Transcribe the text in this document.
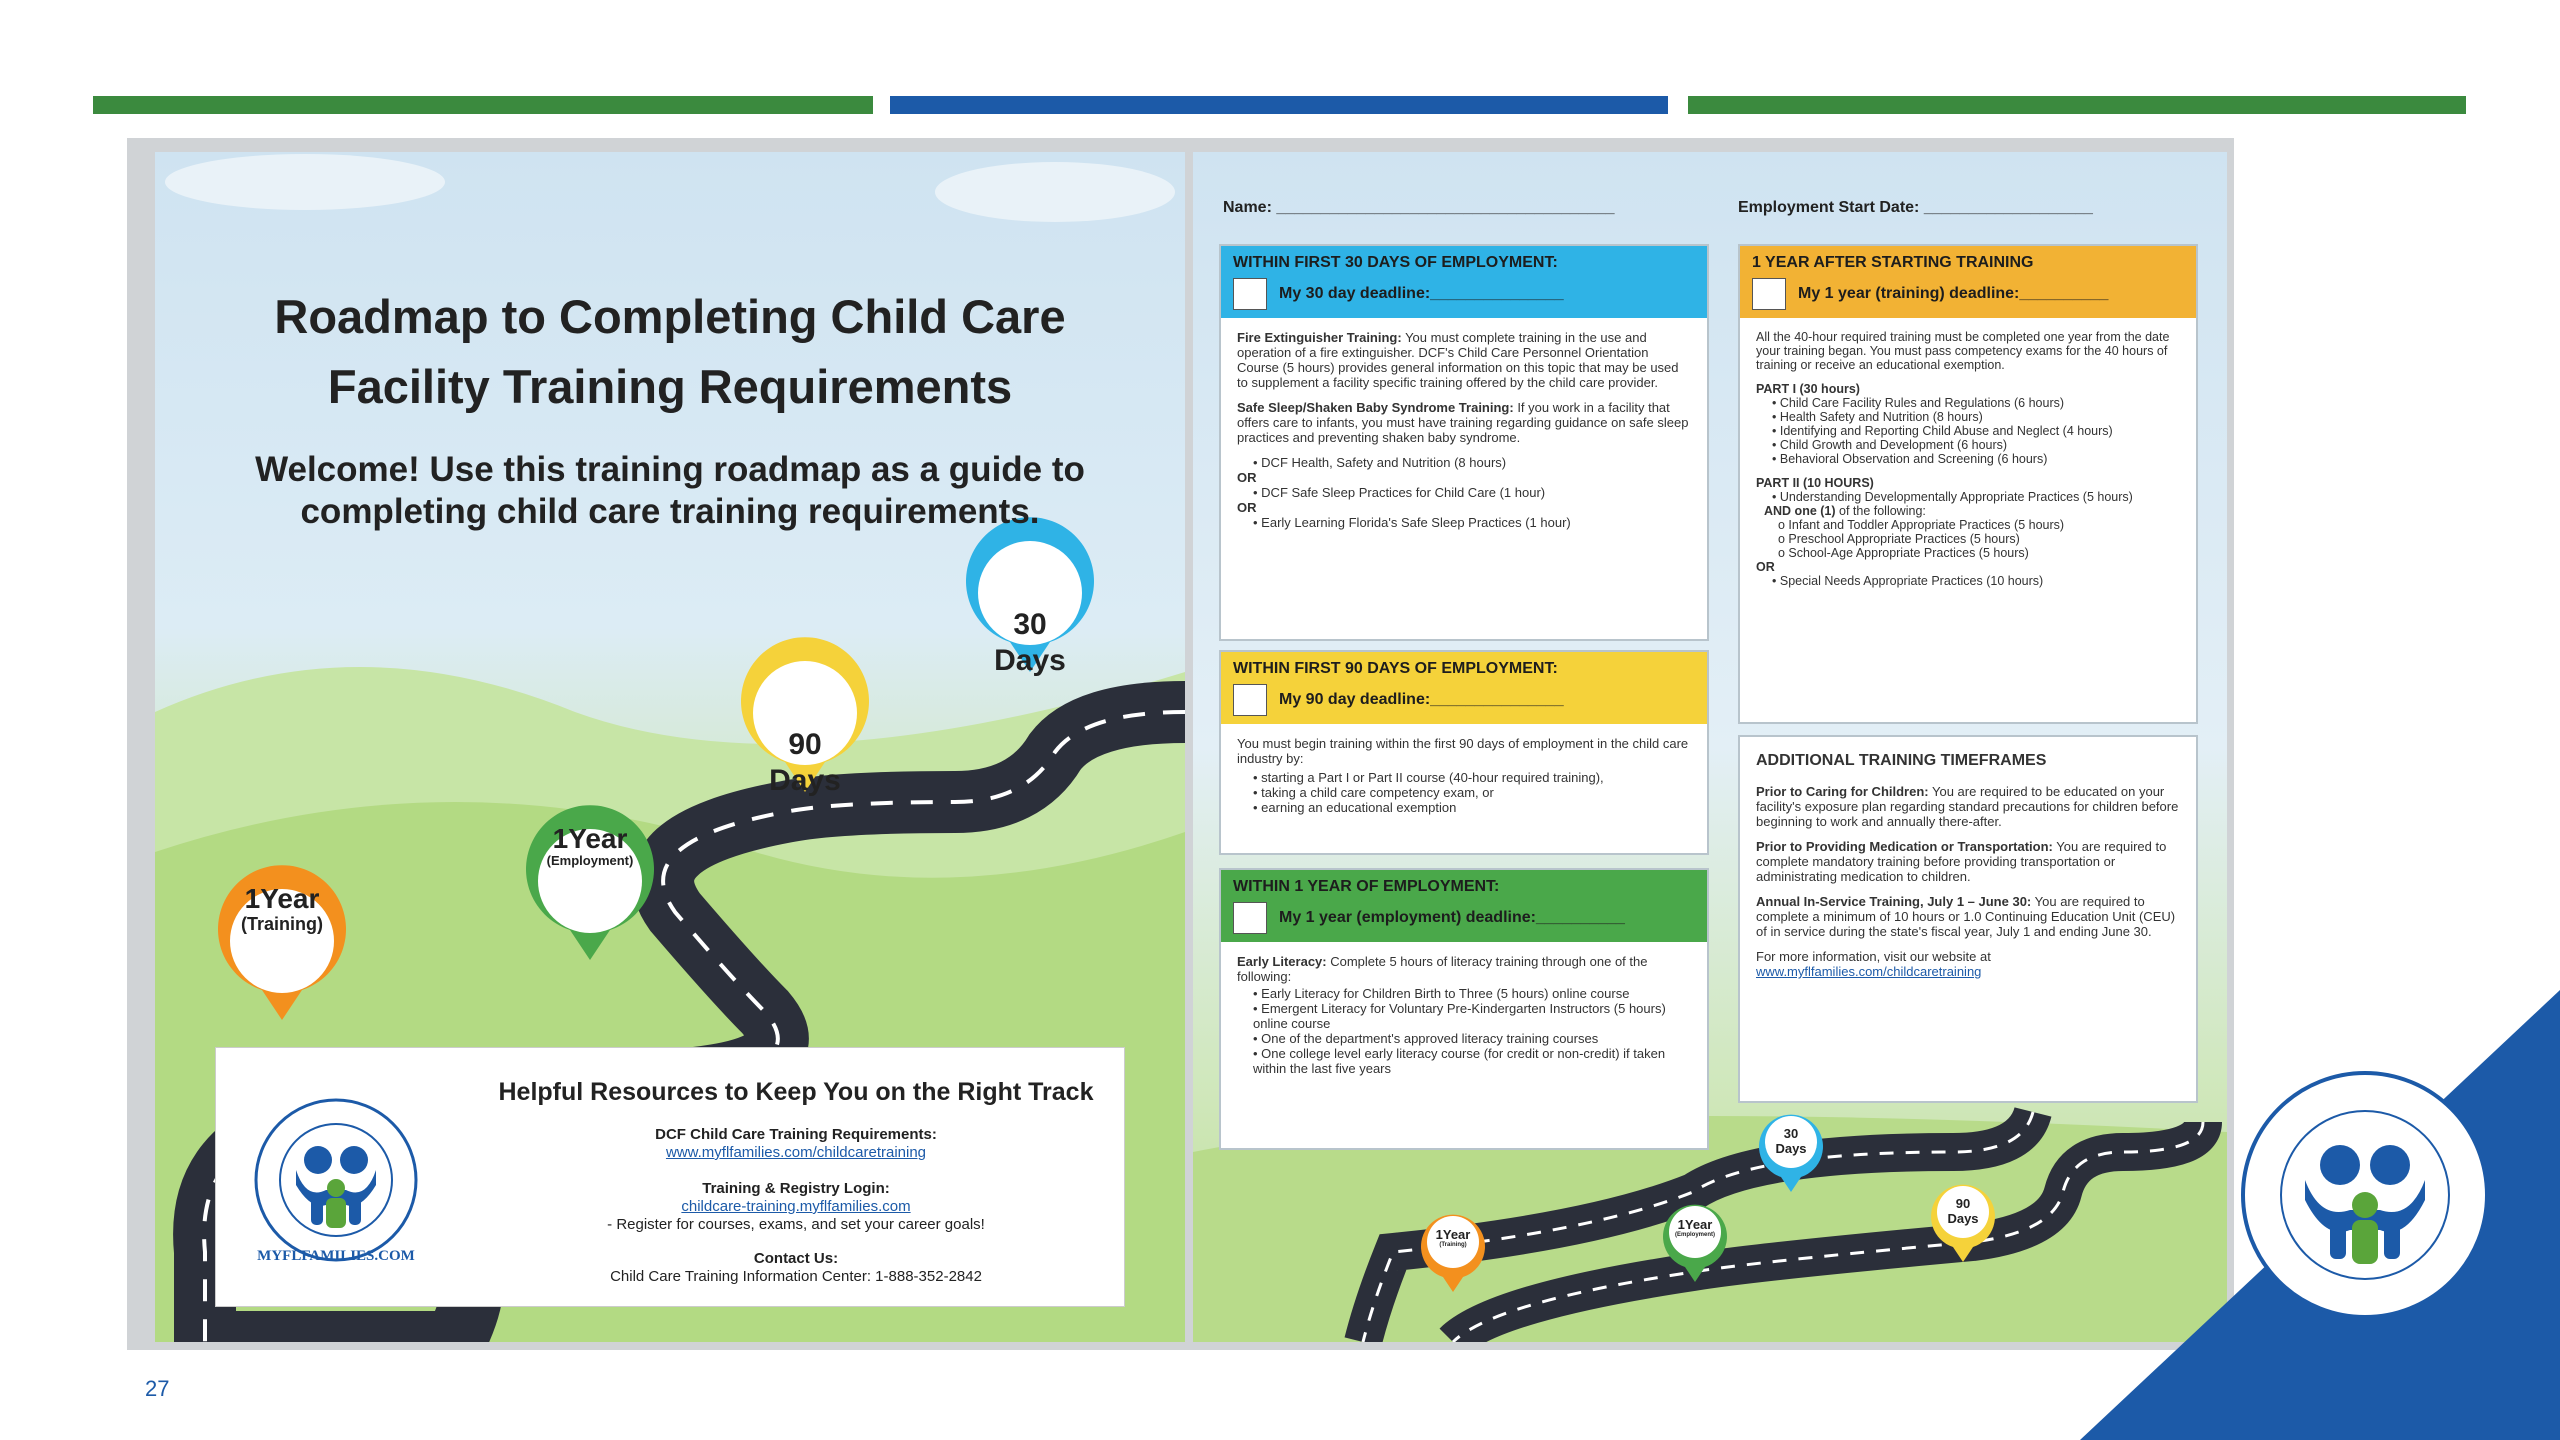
30
Days
90
Days
1Year
(Employment)
1Year
(Training)
Roadmap to Completing Child Care Facility Training Requirements
Welcome! Use this training roadmap as a guide to completing child care training requirements.
MYFLFAMILIES.COM
Helpful Resources to Keep You on the Right Track
DCF Child Care Training Requirements:
www.myflfamilies.com/childcaretraining
Training & Registry Login:
childcare-training.myflfamilies.com
- Register for courses, exams, and set your career goals!
Contact Us:
Child Care Training Information Center: 1-888-352-2842
30
Days
90
Days
1Year
(Employment)
1Year
(Training)
Name: ______________________________________	Employment Start Date: ___________________
WITHIN FIRST 30 DAYS OF EMPLOYMENT:
My 30 day deadline:_______________

Fire Extinguisher Training: You must complete training in the use and operation of a fire extinguisher. DCF's Child Care Personnel Orientation Course (5 hours) provides general information on this topic that may be used to supplement a facility specific training offered by the child care provider.

Safe Sleep/Shaken Baby Syndrome Training: If you work in a facility that offers care to infants, you must have training regarding guidance on safe sleep practices and preventing shaken baby syndrome.

• DCF Health, Safety and Nutrition (8 hours)
OR
• DCF Safe Sleep Practices for Child Care (1 hour)
OR
• Early Learning Florida's Safe Sleep Practices (1 hour)
WITHIN FIRST 90 DAYS OF EMPLOYMENT:
My 90 day deadline:_______________

You must begin training within the first 90 days of employment in the child care industry by:

• starting a Part I or Part II course (40-hour required training),
• taking a child care competency exam, or
• earning an educational exemption
WITHIN 1 YEAR OF EMPLOYMENT:
My 1 year (employment) deadline:__________

Early Literacy: Complete 5 hours of literacy training through one of the following:

• Early Literacy for Children Birth to Three (5 hours) online course
• Emergent Literacy for Voluntary Pre-Kindergarten Instructors (5 hours) online course
• One of the department's approved literacy training courses
• One college level early literacy course (for credit or non-credit) if taken within the last five years
1 YEAR AFTER STARTING TRAINING
My 1 year (training) deadline:__________

All the 40-hour required training must be completed one year from the date your training began. You must pass competency exams for the 40 hours of training or receive an educational exemption.

PART I (30 hours)
• Child Care Facility Rules and Regulations (6 hours)
• Health Safety and Nutrition (8 hours)
• Identifying and Reporting Child Abuse and Neglect (4 hours)
• Child Growth and Development (6 hours)
• Behavioral Observation and Screening (6 hours)
PART II (10 HOURS)
• Understanding Developmentally Appropriate Practices (5 hours)
AND one (1) of the following:
o Infant and Toddler Appropriate Practices (5 hours)
o Preschool Appropriate Practices (5 hours)
o School-Age Appropriate Practices (5 hours)
OR
• Special Needs Appropriate Practices (10 hours)
ADDITIONAL TRAINING TIMEFRAMES

Prior to Caring for Children: You are required to be educated on your facility's exposure plan regarding standard precautions for children before beginning to work and annually there-after.

Prior to Providing Medication or Transportation: You are required to complete mandatory training before providing transportation or administrating medication to children.

Annual In-Service Training, July 1 – June 30: You are required to complete a minimum of 10 hours or 1.0 Continuing Education Unit (CEU) of in service during the state's fiscal year, July 1 and ending June 30.

For more information, visit our website at
www.myflfamilies.com/childcaretraining
27
